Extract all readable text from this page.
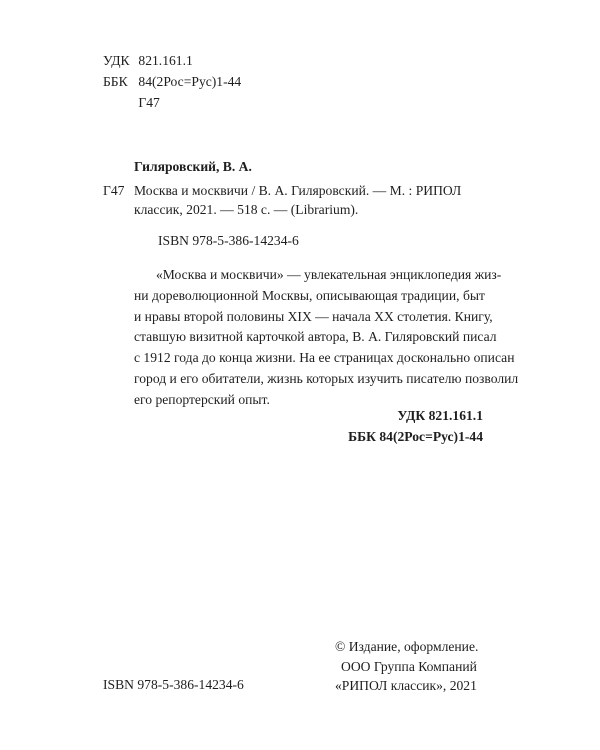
УДК 821.161.1
ББК 84(2Рос=Рус)1-44
Г47
Гиляровский, В. А.
Г47 Москва и москвичи / В. А. Гиляровский. — М. : РИПОЛ
классик, 2021. — 518 с. — (Librarium).
ISBN 978-5-386-14234-6
«Москва и москвичи» — увлекательная энциклопедия жиз-
ни дореволюционной Москвы, описывающая традиции, быт
и нравы второй половины XIX — начала XX столетия. Книгу,
ставшую визитной карточкой автора, В. А. Гиляровский писал
с 1912 года до конца жизни. На ее страницах досконально описан
город и его обитатели, жизнь которых изучить писателю позволил
его репортерский опыт.
УДК 821.161.1
ББК 84(2Рос=Рус)1-44
© Издание, оформление.
ООО Группа Компаний
«РИПОЛ классик», 2021
ISBN 978-5-386-14234-6
